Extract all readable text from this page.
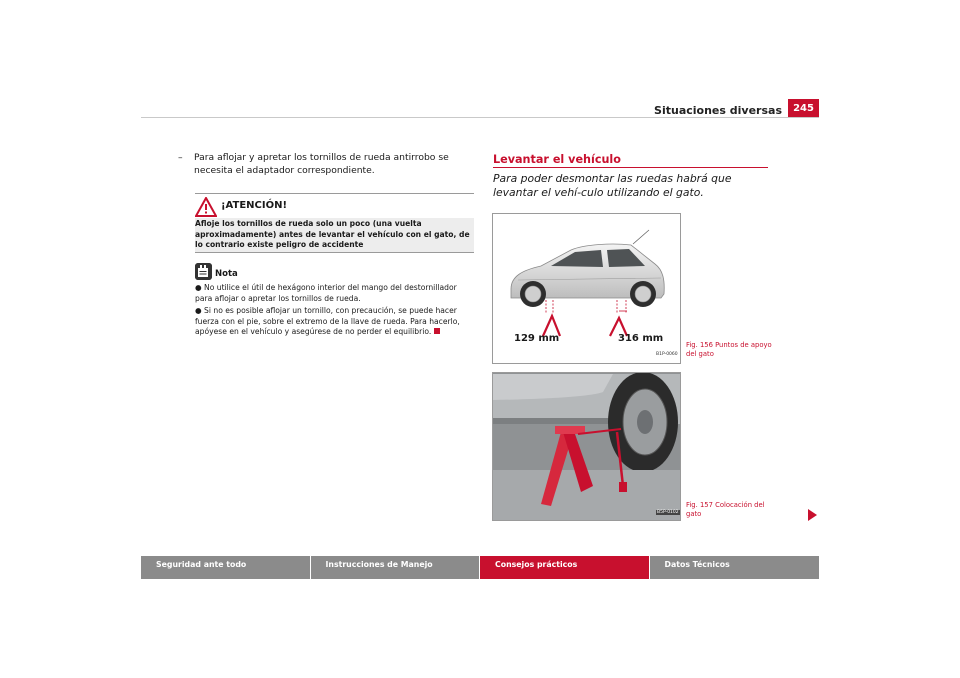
Situaciones diversas	245
–	Para aflojar y apretar los tornillos de rueda antirrobo se necesita el adaptador correspondiente.
¡ATENCIÓN!
Afloje los tornillos de rueda solo un poco (una vuelta aproximadamente) antes de levantar el vehículo con el gato, de lo contrario existe peligro de accidente
Nota
● No utilice el útil de hexágono interior del mango del destornillador para aflojar o apretar los tornillos de rueda.
● Si no es posible aflojar un tornillo, con precaución, se puede hacer fuerza con el pie, sobre el extremo de la llave de rueda. Para hacerlo, apóyese en el vehículo y asegúrese de no perder el equilibrio.
Levantar el vehículo
Para poder desmontar las ruedas habrá que levantar el vehí-culo utilizando el gato.
129 mm	316 mm
B1P-0060
B5P-0102
Fig. 156 Puntos de apoyo del gato
Fig. 157 Colocación del gato
Seguridad ante todo	Instrucciones de Manejo	Consejos prácticos	Datos Técnicos
